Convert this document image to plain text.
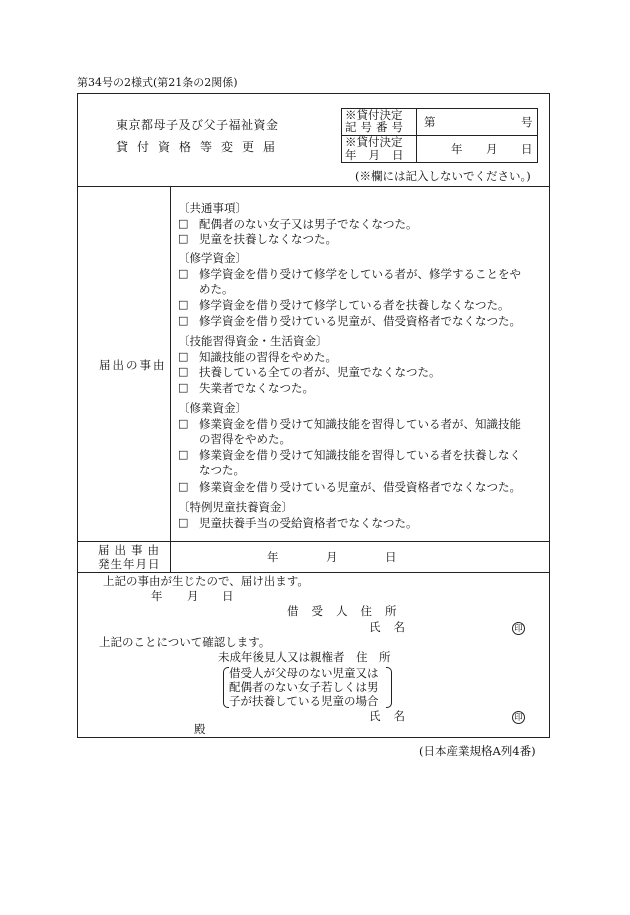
第34号の2様式(第21条の2関係)
東京都母子及び父子福祉資金
貸付資格等変更届
※貸付決定
記号番号 第	号
※貸付決定
年月日	年 月 日
(※欄には記入しないでください。)
届出の事由
〔共通事項〕
□ 配偶者のない女子又は男子でなくなつた。
□ 児童を扶養しなくなつた。
〔修学資金〕
□ 修学資金を借り受けて修学をしている者が、修学することをや
めた。
□ 修学資金を借り受けて修学している者を扶養しなくなつた。
□ 修学資金を借り受けている児童が、借受資格者でなくなつた。
〔技能習得資金・生活資金〕
□ 知識技能の習得をやめた。
□ 扶養している全ての者が、児童でなくなつた。
□ 失業者でなくなつた。
〔修業資金〕
□ 修業資金を借り受けて知識技能を習得している者が、知識技能
の習得をやめた。
□ 修業資金を借り受けて知識技能を習得している者を扶養しなく
なつた。
□ 修業資金を借り受けている児童が、借受資格者でなくなつた。
〔特例児童扶養資金〕
□ 児童扶養手当の受給資格者でなくなつた。
届出事由
発生年月日	年	月	日
上記の事由が生じたので、届け出ます。
年 月 日
借受人住所
氏名	印
上記のことについて確認します。
未成年後見人又は親権者　住　所
借受人が父母のない児童又は
配偶者のない女子若しくは男
子が扶養している児童の場合
氏名	印
殿
(日本産業規格A列4番)
